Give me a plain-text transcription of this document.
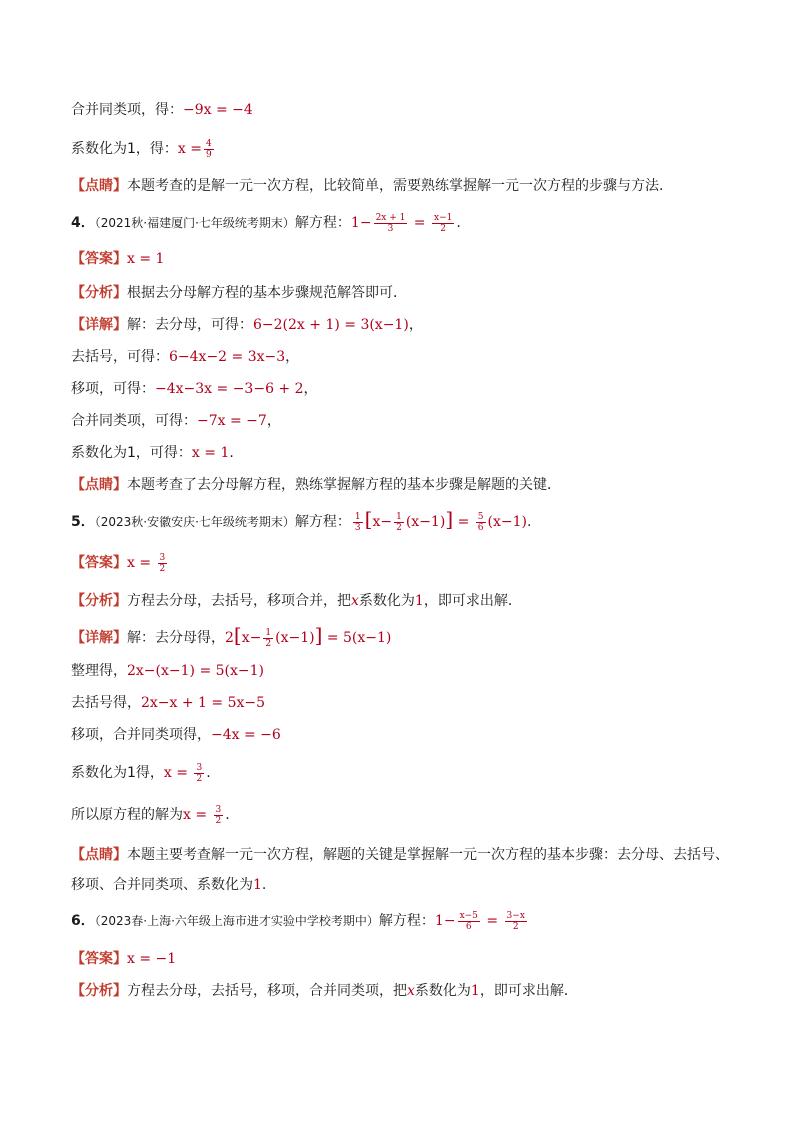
合并同类项，得：−9x = −4
系数化为1，得：$x = \frac{4}{9}$
【点睛】本题考查的是解一元一次方程，比较简单，需要熟练掌握解一元一次方程的步骤与方法.
4．（2021秋·福建厦门·七年级统考期末）解方程：$1- \frac{2x + 1}{3} = \frac{x-1}{2}$ .
【答案】x = 1
【分析】根据去分母解方程的基本步骤规范解答即可．
【详解】解：去分母，可得：6−2(2x + 1) = 3(x−1)，
去括号，可得：6−4x−2 = 3x−3，
移项，可得：−4x−3x = −3−6 + 2，
合并同类项，可得：−7x = −7，
系数化为1，可得：x = 1.
【点睛】本题考查了去分母解方程，熟练掌握解方程的基本步骤是解题的关键．
5．（2023秋·安徽安庆·七年级统考期末）解方程： $\frac{1}{3} [x- \frac{1}{2} (x-1)] = \frac{5}{6} (x-1)$.
【答案】$x = \frac{3}{2}$
【分析】方程去分母，去括号，移项合并，把x系数化为1，即可求出解．
【详解】解：去分母得，$2[x- \frac{1}{2} (x-1)] = 5(x-1)$
整理得，2x−(x−1) = 5(x−1)
去括号得，2x−x + 1 = 5x−5
移项，合并同类项得，−4x = −6
系数化为1得，$x = \frac{3}{2}$ .
所以原方程的解为$x = \frac{3}{2}$ .
【点睛】本题主要考查解一元一次方程，解题的关键是掌握解一元一次方程的基本步骤：去分母、去括号、
移项、合并同类项、系数化为1.
6．（2023春·上海·六年级上海市进才实验中学校考期中）解方程：$1- \frac{x-5}{6} = \frac{3-x}{2}$
【答案】x = −1
【分析】方程去分母，去括号，移项，合并同类项，把x系数化为1，即可求出解．
